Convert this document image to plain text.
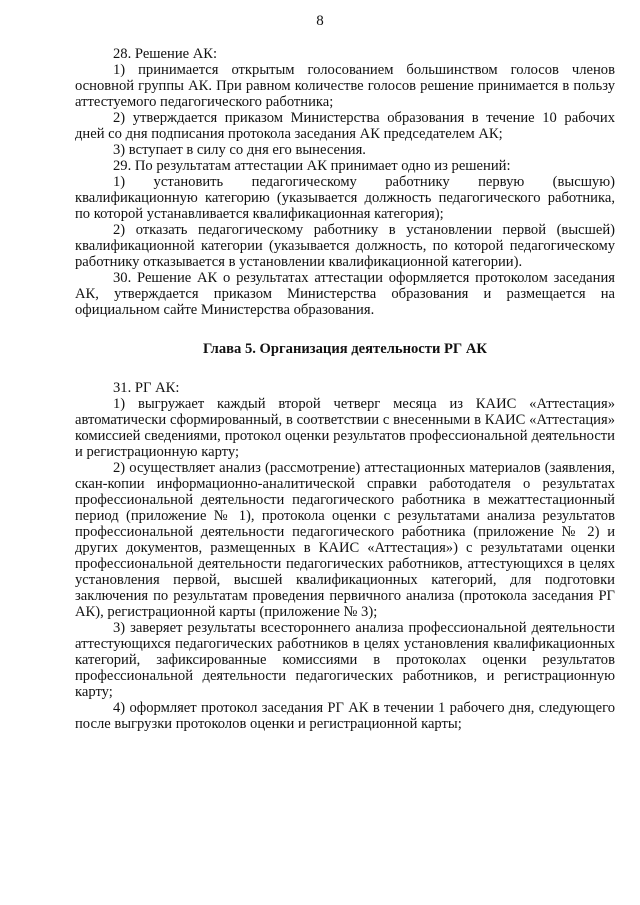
8

28. Решение АК:

1) принимается открытым голосованием большинством голосов членов основной группы АК. При равном количестве голосов решение принимается в пользу аттестуемого педагогического работника;

2) утверждается приказом Министерства образования в течение 10 рабочих дней со дня подписания протокола заседания АК председателем АК;

3) вступает в силу со дня его вынесения.

29. По результатам аттестации АК принимает одно из решений:

1) установить педагогическому работнику первую (высшую) квалификационную категорию (указывается должность педагогического работника, по которой устанавливается квалификационная категория);

2) отказать педагогическому работнику в установлении первой (высшей) квалификационной категории (указывается должность, по которой педагогическому работнику отказывается в установлении квалификационной категории).

30. Решение АК о результатах аттестации оформляется протоколом заседания АК, утверждается приказом Министерства образования и размещается на официальном сайте Министерства образования.

Глава 5. Организация деятельности РГ АК

31. РГ АК:

1) выгружает каждый второй четверг месяца из КАИС «Аттестация» автоматически сформированный, в соответствии с внесенными в КАИС «Аттестация» комиссией сведениями, протокол оценки результатов профессиональной деятельности и регистрационную карту;

2) осуществляет анализ (рассмотрение) аттестационных материалов (заявления, скан-копии информационно-аналитической справки работодателя о результатах профессиональной деятельности педагогического работника в межаттестационный период (приложение № 1), протокола оценки с результатами анализа результатов профессиональной деятельности педагогического работника (приложение № 2) и других документов, размещенных в КАИС «Аттестация») с результатами оценки профессиональной деятельности педагогических работников, аттестующихся в целях установления первой, высшей квалификационных категорий, для подготовки заключения по результатам проведения первичного анализа (протокола заседания РГ АК), регистрационной карты (приложение № 3);

3) заверяет результаты всестороннего анализа профессиональной деятельности аттестующихся педагогических работников в целях установления квалификационных категорий, зафиксированные комиссиями в протоколах оценки результатов профессиональной деятельности педагогических работников, и регистрационную карту;

4) оформляет протокол заседания РГ АК в течении 1 рабочего дня, следующего после выгрузки протоколов оценки и регистрационной карты;
